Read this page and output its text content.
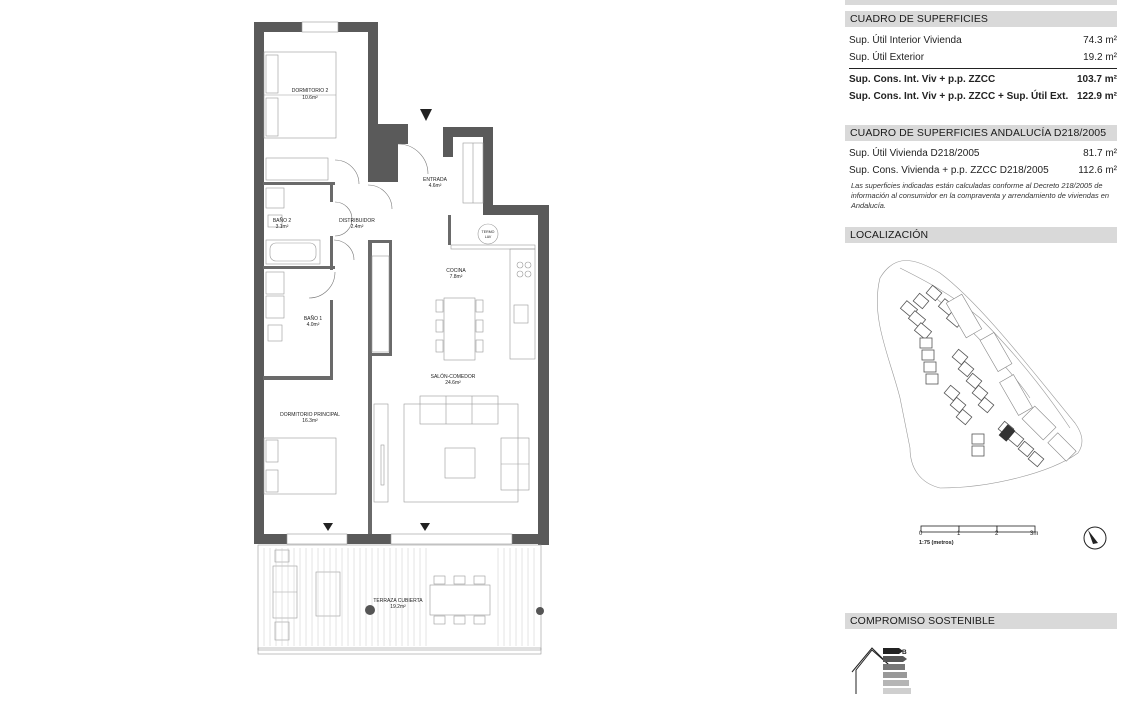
DORMITORIO 2
10.6m²
ENTRADA
4.6m²
BAÑO 2
3.1m²
DISTRIBUIDOR
2.4m²
COCINA
7.8m²
BAÑO 1
4.0m²
SALÓN-COMEDOR
24.6m²
DORMITORIO PRINCIPAL
16.3m²
TERRAZA CUBIERTA
19.2m²
TERMO
LAV
CUADRO DE SUPERFICIES
Sup. Útil Interior Vivienda	74.3 m²
Sup. Útil Exterior	19.2 m²
Sup. Cons. Int. Viv + p.p. ZZCC	103.7 m²
Sup. Cons. Int. Viv + p.p. ZZCC + Sup. Útil Ext. 122.9 m²
CUADRO DE SUPERFICIES ANDALUCÍA D218/2005
Sup. Útil Vivienda D218/2005	81.7 m²
Sup. Cons. Vivienda + p.p. ZZCC D218/2005	112.6 m²
Las superficies indicadas están calculadas conforme al Decreto 218/2005 de información al consumidor en la compraventa y arrendamiento de viviendas en Andalucía.
LOCALIZACIÓN
0	1	2	3m
1:75 (metros)
COMPROMISO SOSTENIBLE
B
